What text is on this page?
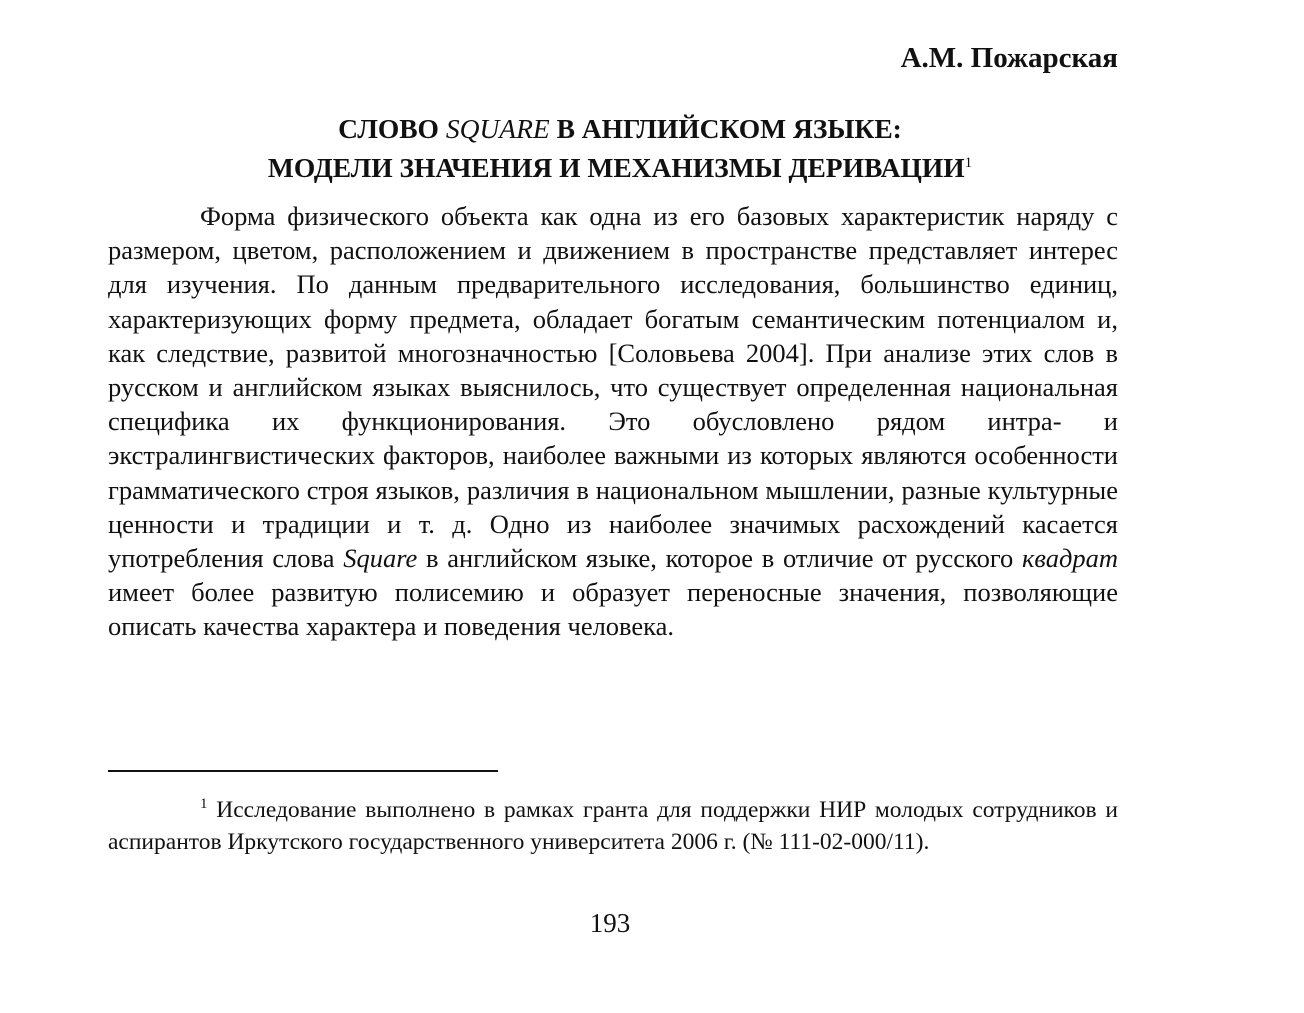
А.М. Пожарская
СЛОВО SQUARE В АНГЛИЙСКОМ ЯЗЫКЕ:
МОДЕЛИ ЗНАЧЕНИЯ И МЕХАНИЗМЫ ДЕРИВАЦИИ$^1$

Форма физического объекта как одна из его базовых характеристик наряду с размером, цветом, расположением и движением в пространстве представляет интерес для изучения. По данным предварительного исследования, большинство единиц, характеризующих форму предмета, обладает богатым семантическим потенциалом и, как следствие, развитой многозначностью [Соловьева 2004]. При анализе этих слов в русском и английском языках выяснилось, что существует определенная национальная специфика их функционирования. Это обусловлено рядом интра- и экстралингвистических факторов, наиболее важными из которых являются особенности грамматического строя языков, различия в национальном мышлении, разные культурные ценности и традиции и т. д. Одно из наиболее значимых расхождений касается употребления слова Square в английском языке, которое в отличие от русского квадрат имеет более развитую полисемию и образует переносные значения, позволяющие описать качества характера и поведения человека.

$^1$ Исследование выполнено в рамках гранта для поддержки НИР молодых сотрудников и аспирантов Иркутского государственного университета 2006 г. (№ 111-02-000/11).

193
